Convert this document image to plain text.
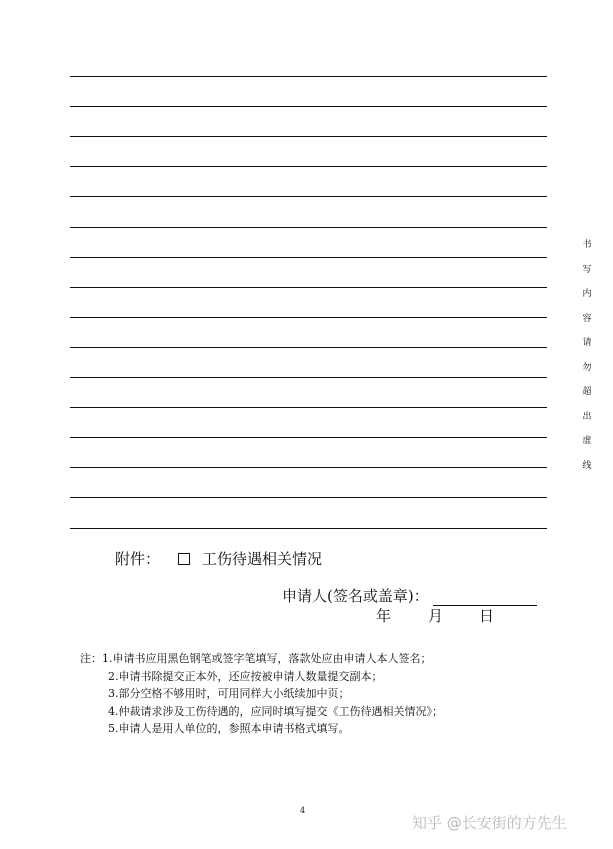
书
写
内
容
请
勿
超
出
虚
线
附件：	工伤待遇相关情况
申请人(签名或盖章)：
年 月 日
注：1.申请书应用黑色钢笔或签字笔填写，落款处应由申请人本人签名；
2.申请书除提交正本外，还应按被申请人数量提交副本；
3.部分空格不够用时，可用同样大小纸续加中页；
4.仲裁请求涉及工伤待遇的，应同时填写提交《工伤待遇相关情况》；
5.申请人是用人单位的，参照本申请书格式填写。
4
知乎 @长安街的方先生
